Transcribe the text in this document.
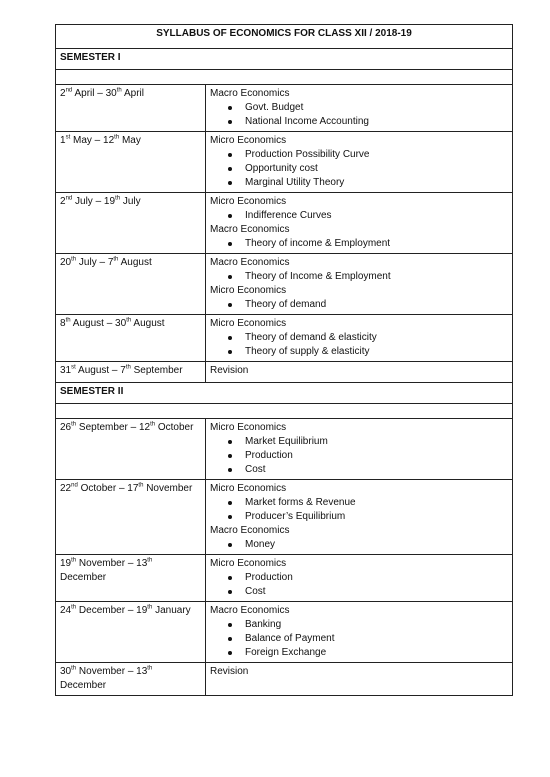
SYLLABUS OF ECONOMICS FOR CLASS XII / 2018-19	
SEMESTER I	

2nd April – 30th April	Macro Economics
Govt. Budget
National Income Accounting

1st May – 12th May	Micro Economics
Production Possibility Curve
Opportunity cost
Marginal Utility Theory

2nd July – 19th July	Micro Economics
Indifference Curves
Macro Economics
Theory of income & Employment

20th July – 7th August	Macro Economics
Theory of Income & Employment
Micro Economics
Theory of demand

8th August – 30th August	Micro Economics
Theory of demand & elasticity
Theory of supply & elasticity

31st August – 7th September	Revision

SEMESTER II	

26th September – 12th October	Micro Economics
Market Equilibrium
Production
Cost

22nd October – 17th November	Micro Economics
Market forms & Revenue
Producer’s Equilibrium
Macro Economics
Money

19th November – 13th December	Micro Economics
Production
Cost

24th December – 19th January	Macro Economics
Banking
Balance of Payment
Foreign Exchange

30th November – 13th December	Revision
